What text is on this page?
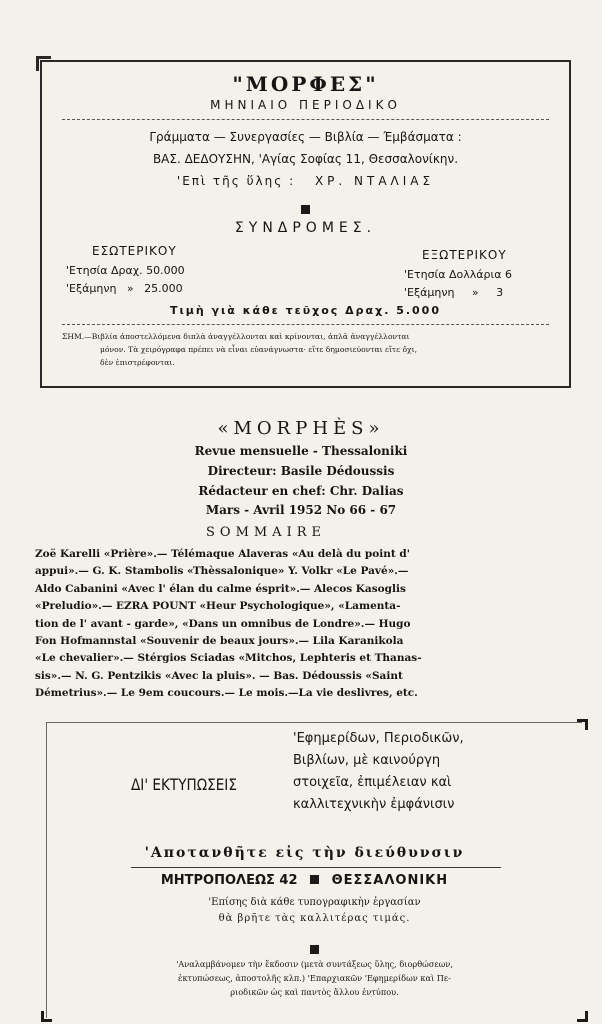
"ΜΟΡΦΕΣ"
ΜΗΝΙΑΙΟ ΠΕΡΙΟΔΙΚΟ
Γράμματα — Συνεργασίες — Βιβλία — Έμβάσματα :
ΒΑΣ. ΔΕΔΟΥΣΗΝ, 'Αγίας Σοφίας 11, Θεσσαλονίκην.
'Επὶ τῆς ὕλης : ΧΡ. ΝΤΑΛΙΑΣ
ΣΥΝΔΡΟΜΕΣ.
ΕΣΩΤΕΡΙΚΟΥ
'Ετησία Δραχ. 50.000
'Εξάμηνη   »   25.000
ΕΞΩΤΕΡΙΚΟΥ
'Ετησία Δολλάρια 6
'Εξάμηνη     »     3
Τιμὴ γιὰ κάθε τεῦχος Δραχ. 5.000
ΣΗΜ.—Βιβλία ἀποστελλόμενα διπλὰ ἀναγγέλλονται καὶ κρίνονται, ἁπλᾶ ἀναγγέλλονται
μόνον. Τὰ χειρόγραφα πρέπει νὰ εἶναι εὐανάγνωστα· εἴτε δημοσιεύονται εἴτε ὄχι,
δὲν ἐπιστρέφονται.
«MORPHÈS»
Revue mensuelle - Thessaloniki
Directeur: Basile Dédoussis
Rédacteur en chef: Chr. Dalias
Mars - Avril 1952 No 66 - 67
SOMMAIRE
Zoë Karelli «Prière».— Télémaque Alaveras «Au delà du point d'
appui».— G. K. Stambolis «Thèssalonique» Y. Volkr «Le Pavé».—
Aldo Cabanini «Avec l' élan du calme ésprit».— Alecos Kasoglis
«Preludio».— EZRA POUNT «Heur Psychologique», «Lamenta-
tion de l' avant - garde», «Dans un omnibus de Londre».— Hugo
Fon Hofmannstal «Souvenir de beaux jours».— Lila Karanikola
«Le chevalier».— Stérgios Sciadas «Mitchos, Lephteris et Thanas-
sis».— N. G. Pentzikis «Avec la pluis». — Bas. Dédoussis «Saint
Démetrius».— Le 9em coucours.— Le mois.—La vie deslivres, etc.
ΔΙ' ΕΚΤΥΠΩΣΕΙΣ
'Εφημερίδων, Περιοδικῶν,
Βιβλίων, μὲ καινούργη
στοιχεῖα, ἐπιμέλειαν καὶ
καλλιτεχνικὴν ἐμφάνισιν
'Αποτανθῆτε εἰς τὴν διεύθυνσιν
ΜΗΤΡΟΠΟΛΕΩΣ 42	ΘΕΣΣΑΛΟΝΙΚΗ
'Επίσης διὰ κάθε τυπογραφικὴν ἐργασίαν
θὰ βρῆτε τὰς καλλιτέρας τιμάς.
'Αναλαμβάνομεν τὴν ἔκδοσιν (μετὰ συντάξεως ὕλης, διορθώσεων,
ἐκτυπώσεως, ἀποστολῆς κλπ.) 'Επαρχιακῶν 'Εφημερίδων καὶ Πε-
ριοδικῶν ὡς καὶ παντὸς ἄλλου ἐντύπου.
